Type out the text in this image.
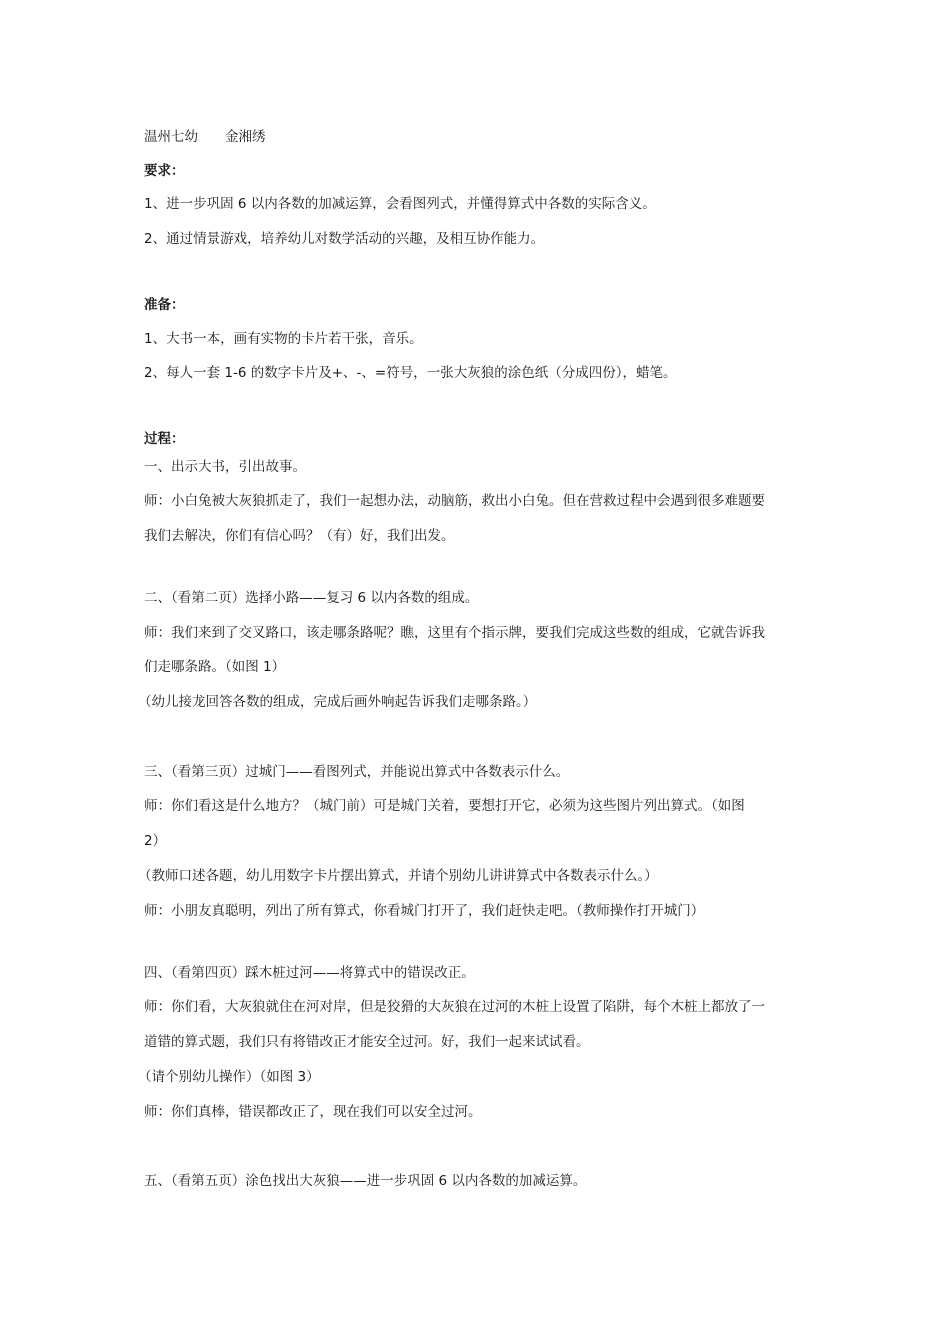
温州七幼　　金湘绣
要求：
1、进一步巩固 6 以内各数的加减运算，会看图列式，并懂得算式中各数的实际含义。
2、通过情景游戏，培养幼儿对数学活动的兴趣，及相互协作能力。
准备：
1、大书一本，画有实物的卡片若干张，音乐。
2、每人一套 1-6 的数字卡片及+、-、=符号，一张大灰狼的涂色纸（分成四份），蜡笔。
过程：
一、出示大书，引出故事。
师：小白兔被大灰狼抓走了，我们一起想办法，动脑筋，救出小白兔。但在营救过程中会遇到很多难题要
我们去解决，你们有信心吗？（有）好，我们出发。
二、（看第二页）选择小路——复习 6 以内各数的组成。
师：我们来到了交叉路口，该走哪条路呢？瞧，这里有个指示牌，要我们完成这些数的组成，它就告诉我
们走哪条路。（如图 1）
（幼儿接龙回答各数的组成，完成后画外响起告诉我们走哪条路。）
三、（看第三页）过城门——看图列式，并能说出算式中各数表示什么。
师：你们看这是什么地方？（城门前）可是城门关着，要想打开它，必须为这些图片列出算式。（如图
2）
（教师口述各题，幼儿用数字卡片摆出算式，并请个别幼儿讲讲算式中各数表示什么。）
师：小朋友真聪明，列出了所有算式，你看城门打开了，我们赶快走吧。（教师操作打开城门）
四、（看第四页）踩木桩过河——将算式中的错误改正。
师：你们看，大灰狼就住在河对岸，但是狡猾的大灰狼在过河的木桩上设置了陷阱，每个木桩上都放了一
道错的算式题，我们只有将错改正才能安全过河。好，我们一起来试试看。
（请个别幼儿操作）（如图 3）
师：你们真棒，错误都改正了，现在我们可以安全过河。
五、（看第五页）涂色找出大灰狼——进一步巩固 6 以内各数的加减运算。
